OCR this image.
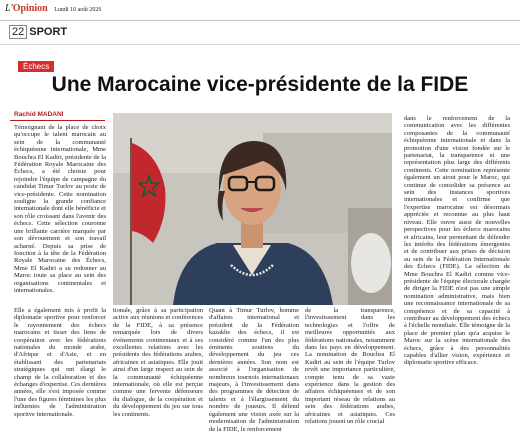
L'Opinion Lundi 10 août 2026
22 SPORT
Échecs
Une Marocaine vice-présidente de la FIDE
Rachid MADANI
Témoignant de la place de choix qu'occupe le talent marocain au sein de la communauté échiquéenne internationale, Mme Bouchra El Kadiri, présidente de la Fédération Royale Marocaine des Échecs, a été choisie pour rejoindre l'équipe de campagne du candidat Timur Turlov au poste de vice-présidente. Cette nomination souligne la grande confiance internationale dont elle bénéficie et son rôle croissant dans l'avenir des échecs. Cette sélection couronne une brillante carrière marquée par son dévouement et son travail acharné. Depuis sa prise de fonction à la tête de la Fédération Royale Marocaine des Échecs, Mme El Kadiri a su redonner au Maroc toute sa place au sein des organisations continentales et internationales.
dans le renforcement de la communication avec les différentes composantes de la communauté échiquéenne internationale et dans la promotion d'une vision fondée sur le partenariat, la transparence et une représentation plus large des différents continents. Cette nomination représente également un atout pour le Maroc, qui continue de consolider sa présence au sein des instances sportives internationales et confirme que l'expertise marocaine est désormais appréciée et reconnue au plus haut niveau. Elle ouvre aussi de nouvelles perspectives pour les échecs marocains et africains, leur permettant de défendre les intérêts des fédérations émergentes et de contribuer aux prises de décision au sein de la Fédération Internationale des Échecs (FIDE). La sélection de Mme Bouchra El Kadiri comme vice-présidente de l'équipe électorale chargée de diriger la FIDE n'est pas une simple nomination administrative, mais bien une reconnaissance internationale de sa compétence et de sa capacité à contribuer au développement des échecs à l'échelle mondiale. Elle témoigne de la place de premier plan qu'a acquise le Maroc sur la scène internationale des échecs, grâce à des personnalités capables d'allier vision, expérience et diplomatie sportive efficace.
Elle a également mis à profit la diplomatie sportive pour renforcer le rayonnement des échecs marocains et tisser des liens de coopération avec les fédérations nationales du monde arabe, d'Afrique et d'Asie, et en établissant des partenariats stratégiques qui ont élargi le champ de la collaboration et des échanges d'expertise. Ces dernières années, elle s'est imposée comme l'une des figures féminines les plus influentes de l'administration sportive internationale.
tionale, grâce à sa participation active aux réunions et conférences de la FIDE, à sa présence remarquée lors de divers événements continentaux et à ses excellentes relations avec les présidents des fédérations arabes, africaines et asiatiques. Elle jouit ainsi d'un large respect au sein de la communauté échiquéenne internationale, où elle est perçue comme une fervente défenseure du dialogue, de la coopération et du développement du jeu sur tous les continents.
Quant à Timur Turlov, homme d'affaires international et président de la Fédération kazakhe des échecs, il est considéré comme l'un des plus éminents soutiens du développement du jeu ces dernières années. Son nom est associé à l'organisation de nombreux tournois internationaux majeurs, à l'investissement dans des programmes de détection de talents et à l'élargissement du nombre de joueurs. Il défend également une vision axée sur la modernisation de l'administration de la FIDE, le renforcement
de la transparence, l'investissement dans les technologies et l'offre de meilleures opportunités aux fédérations nationales, notamment dans les pays en développement. La nomination de Bouchra El Kadiri au sein de l'équipe Turlov revêt une importance particulière, compte tenu de sa vaste expérience dans la gestion des affaires échiquéennes et de son important réseau de relations au sein des fédérations arabes, africaines et asiatiques. Ces relations jouent un rôle crucial
